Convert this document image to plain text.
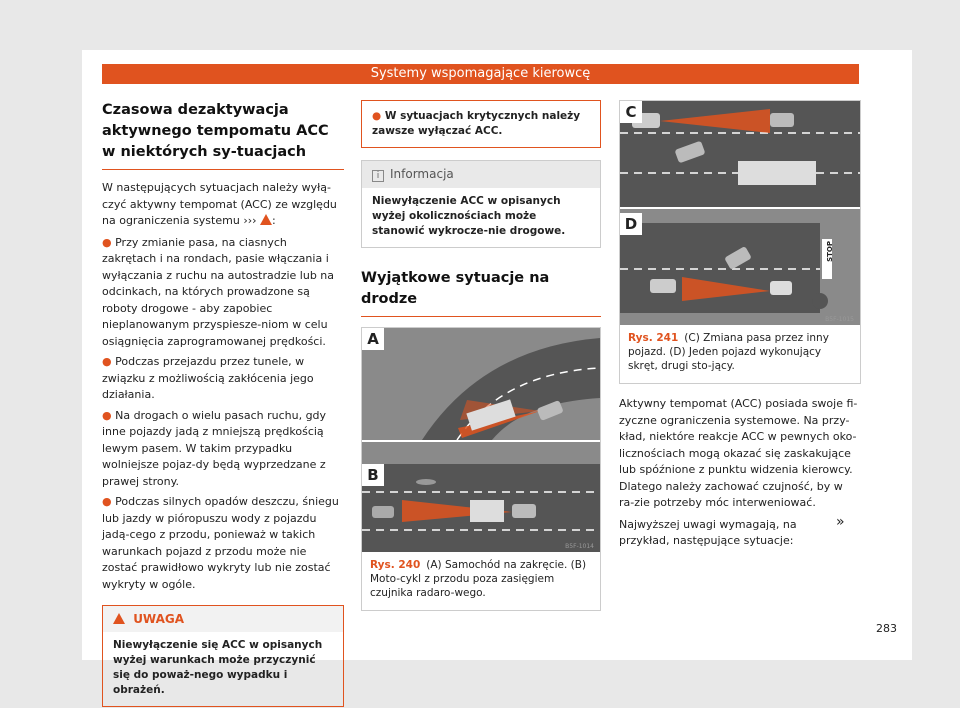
Systemy wspomagające kierowcę
Czasowa dezaktywacja aktywnego tempomatu ACC w niektórych sy-tuacjach

W następujących sytuacjach należy wyłą-czyć aktywny tempomat (ACC) ze względu na ograniczenia systemu ››› :

● Przy zmianie pasa, na ciasnych zakrętach i na rondach, pasie włączania i wyłączania z ruchu na autostradzie lub na odcinkach, na których prowadzone są roboty drogowe - aby zapobiec nieplanowanym przyspiesze-niom w celu osiągnięcia zaprogramowanej prędkości.
● Podczas przejazdu przez tunele, w związku z możliwością zakłócenia jego działania.
● Na drogach o wielu pasach ruchu, gdy inne pojazdy jadą z mniejszą prędkością lewym pasem. W takim przypadku wolniejsze pojaz-dy będą wyprzedzane z prawej strony.
● Podczas silnych opadów deszczu, śniegu lub jazdy w pióropuszu wody z pojazdu jadą-cego z przodu, ponieważ w takich warunkach pojazd z przodu może nie zostać prawidłowo wykryty lub nie zostać wykryty w ogóle.
UWAGA
Niewyłączenie się ACC w opisanych wyżej warunkach może przyczynić się do poważ-nego wypadku i obrażeń.
● W sytuacjach krytycznych należy zawsze wyłączać ACC.
i Informacja
Niewyłączenie ACC w opisanych wyżej okolicznościach może stanowić wykrocze-nie drogowe.
Wyjątkowe sytuacje na drodze
A
B
B5F-1014
Rys. 240 (A) Samochód na zakręcie. (B) Moto-cykl z przodu poza zasięgiem czujnika radaro-wego.
C
STOP
D
B5F-1015
Rys. 241 (C) Zmiana pasa przez inny pojazd. (D) Jeden pojazd wykonujący skręt, drugi sto-jący.

Aktywny tempomat (ACC) posiada swoje fi-zyczne ograniczenia systemowe. Na przy-kład, niektóre reakcje ACC w pewnych oko-licznościach mogą okazać się zaskakujące lub spóźnione z punktu widzenia kierowcy. Dlatego należy zachować czujność, by w ra-zie potrzeby móc interweniować.

Najwyższej uwagi wymagają, na przykład, następujące sytuacje:

»
283
